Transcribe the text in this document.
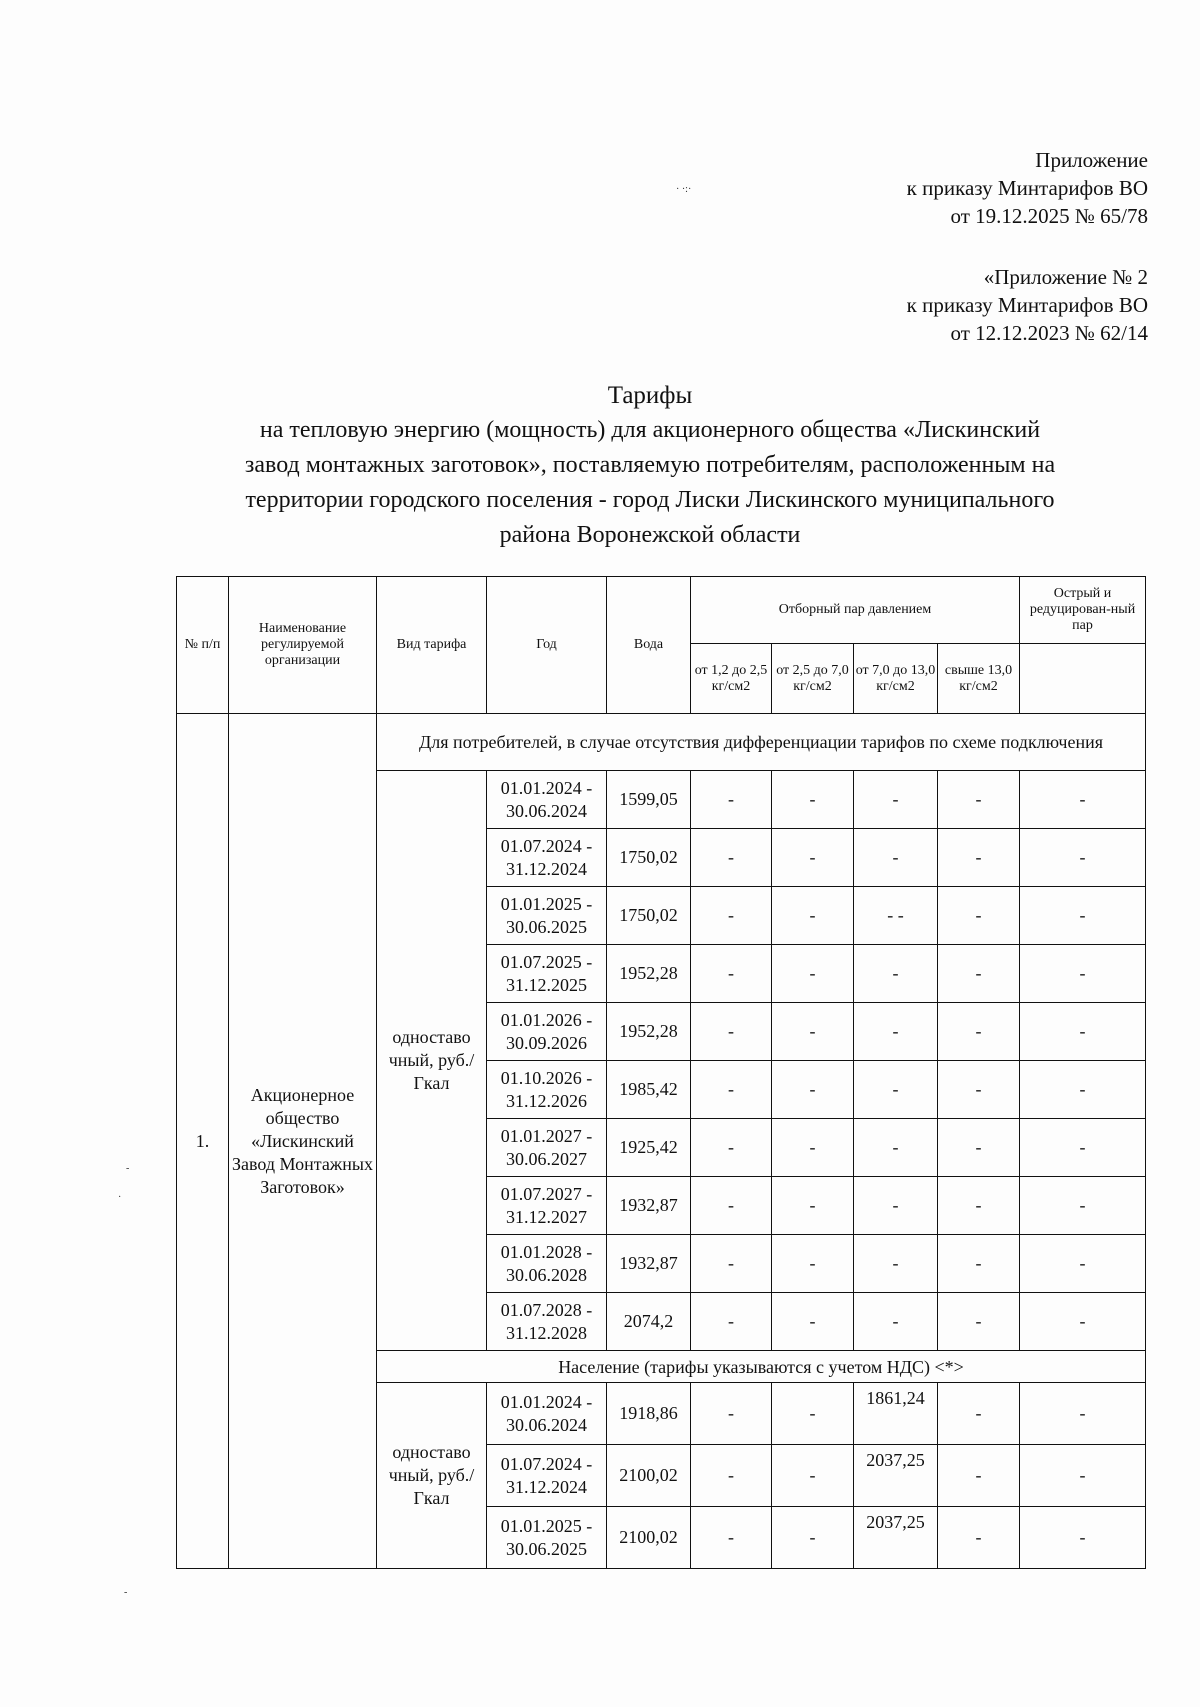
Приложение
к приказу Минтарифов ВО
от 19.12.2025 № 65/78
· ·:·
«Приложение № 2
к приказу Минтарифов ВО
от 12.12.2023 № 62/14
Тарифы
на тепловую энергию (мощность) для акционерного общества «Лискинский
завод монтажных заготовок», поставляемую потребителям, расположенным на
территории городского поселения - город Лиски Лискинского муниципального
района Воронежской области
№ п/п	Наименование регулируемой организации	Вид тарифа	Год	Вода	Отборный пар давлением				Острый и редуцирован-ный пар
					от 1,2 до 2,5 кг/см2	от 2,5 до 7,0 кг/см2	от 7,0 до 13,0 кг/см2	свыше 13,0 кг/см2	
1.	Акционерное общество «Лискинский Завод Монтажных Заготовок»	Для потребителей, в случае отсутствия дифференциации тарифов по схеме подключения							
		одноставо чный, руб./Гкал	01.01.2024 - 30.06.2024	1599,05	-	-	-	-	-
			01.07.2024 - 31.12.2024	1750,02	-	-	-	-	-
			01.01.2025 - 30.06.2025	1750,02	-	-	- -	-	-
			01.07.2025 - 31.12.2025	1952,28	-	-	-	-	-
			01.01.2026 - 30.09.2026	1952,28	-	-	-	-	-
			01.10.2026 - 31.12.2026	1985,42	-	-	-	-	-
			01.01.2027 - 30.06.2027	1925,42	-	-	-	-	-
			01.07.2027 - 31.12.2027	1932,87	-	-	-	-	-
			01.01.2028 - 30.06.2028	1932,87	-	-	-	-	-
			01.07.2028 - 31.12.2028	2074,2	-	-	-	-	-
		Население (тарифы указываются с учетом НДС) <*>							
		одноставо чный, руб./Гкал	01.01.2024 - 30.06.2024	1918,86	-	-	1861,24	-	-
			01.07.2024 - 31.12.2024	2100,02	-	-	2037,25	-	-
			01.01.2025 - 30.06.2025	2100,02	-	-	2037,25	-	-
-
·
-
